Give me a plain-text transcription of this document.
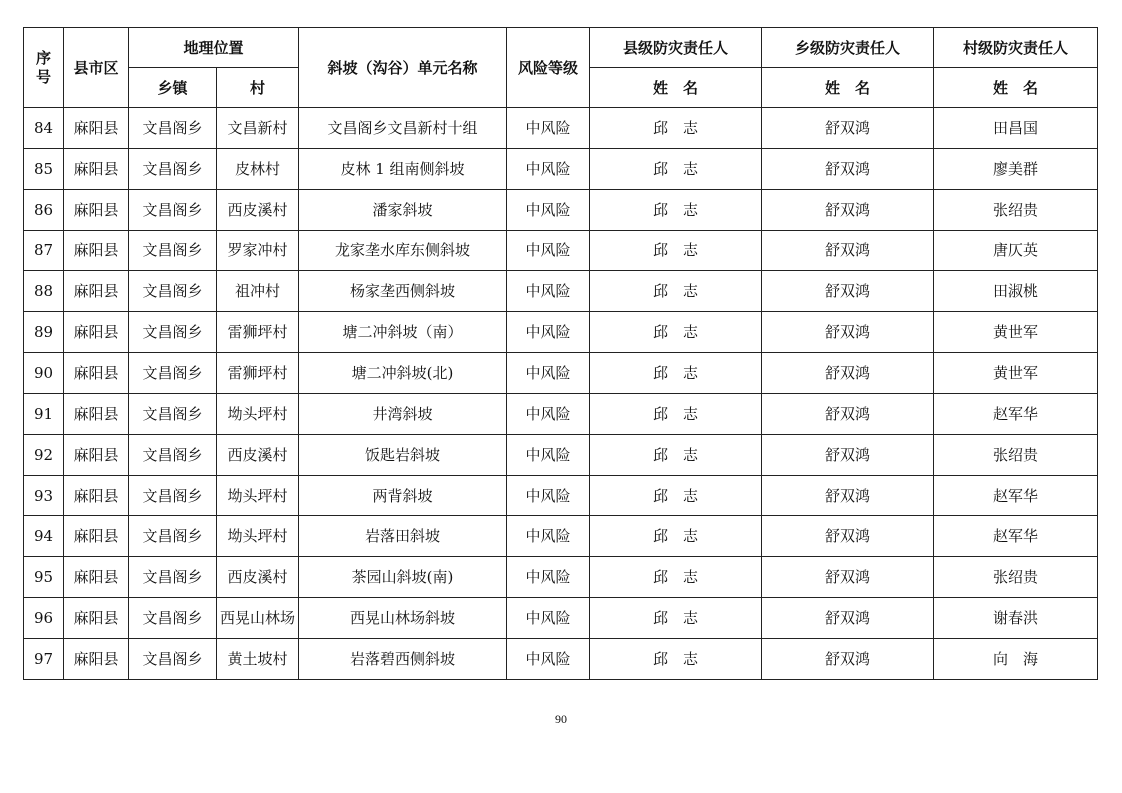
序
号	县市区	地理位置		斜坡（沟谷）单元名称	风险等级	县级防灾责任人	乡级防灾责任人	村级防灾责任人
		乡镇	村			姓　名	姓　名	姓　名
84	麻阳县	文昌阁乡	文昌新村	文昌阁乡文昌新村十组	中风险	邱　志	舒双鸿	田昌国
85	麻阳县	文昌阁乡	皮林村	皮林 1 组南侧斜坡	中风险	邱　志	舒双鸿	廖美群
86	麻阳县	文昌阁乡	西皮溪村	潘家斜坡	中风险	邱　志	舒双鸿	张绍贵
87	麻阳县	文昌阁乡	罗家冲村	龙家垄水库东侧斜坡	中风险	邱　志	舒双鸿	唐仄英
88	麻阳县	文昌阁乡	祖冲村	杨家垄西侧斜坡	中风险	邱　志	舒双鸿	田淑桃
89	麻阳县	文昌阁乡	雷狮坪村	塘二冲斜坡（南）	中风险	邱　志	舒双鸿	黄世军
90	麻阳县	文昌阁乡	雷狮坪村	塘二冲斜坡(北)	中风险	邱　志	舒双鸿	黄世军
91	麻阳县	文昌阁乡	坳头坪村	井湾斜坡	中风险	邱　志	舒双鸿	赵军华
92	麻阳县	文昌阁乡	西皮溪村	饭匙岩斜坡	中风险	邱　志	舒双鸿	张绍贵
93	麻阳县	文昌阁乡	坳头坪村	两背斜坡	中风险	邱　志	舒双鸿	赵军华
94	麻阳县	文昌阁乡	坳头坪村	岩落田斜坡	中风险	邱　志	舒双鸿	赵军华
95	麻阳县	文昌阁乡	西皮溪村	茶园山斜坡(南)	中风险	邱　志	舒双鸿	张绍贵
96	麻阳县	文昌阁乡	西晃山林场	西晃山林场斜坡	中风险	邱　志	舒双鸿	谢春洪
97	麻阳县	文昌阁乡	黄土坡村	岩落碧西侧斜坡	中风险	邱　志	舒双鸿	向　海
90
